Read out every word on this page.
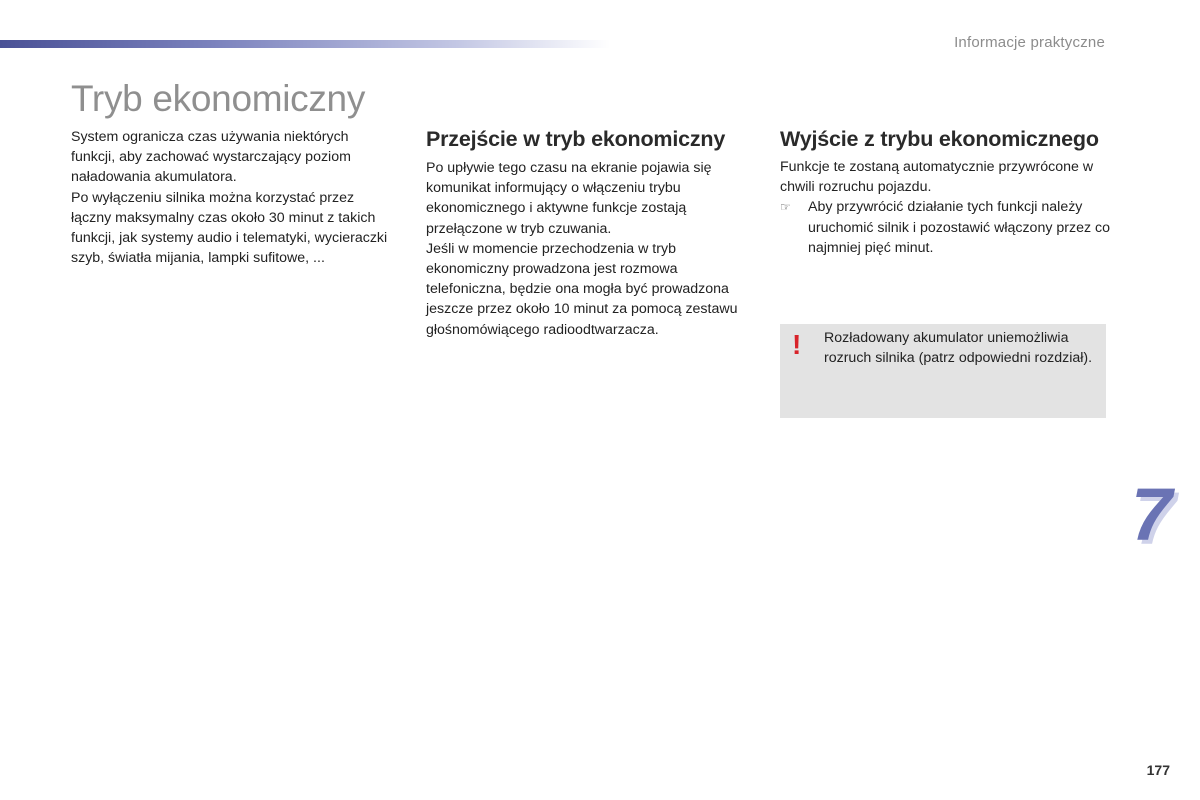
Informacje praktyczne
Tryb ekonomiczny

System ogranicza czas używania niektórych funkcji, aby zachować wystarczający poziom naładowania akumulatora.

Po wyłączeniu silnika można korzystać przez łączny maksymalny czas około 30 minut z takich funkcji, jak systemy audio i telematyki, wycieraczki szyb, światła mijania, lampki sufitowe, ...

Przejście w tryb ekonomiczny

Po upływie tego czasu na ekranie pojawia się komunikat informujący o włączeniu trybu ekonomicznego i aktywne funkcje zostają przełączone w tryb czuwania.

Jeśli w momencie przechodzenia w tryb ekonomiczny prowadzona jest rozmowa telefoniczna, będzie ona mogła być prowadzona jeszcze przez około 10 minut za pomocą zestawu głośnomówiącego radioodtwarzacza.

Wyjście z trybu ekonomicznego

Funkcje te zostaną automatycznie przywrócone w chwili rozruchu pojazdu.

☞	Aby przywrócić działanie tych funkcji należy uruchomić silnik i pozostawić włączony przez co najmniej pięć minut.
! Rozładowany akumulator uniemożliwia rozruch silnika (patrz odpowiedni rozdział).

7
177
